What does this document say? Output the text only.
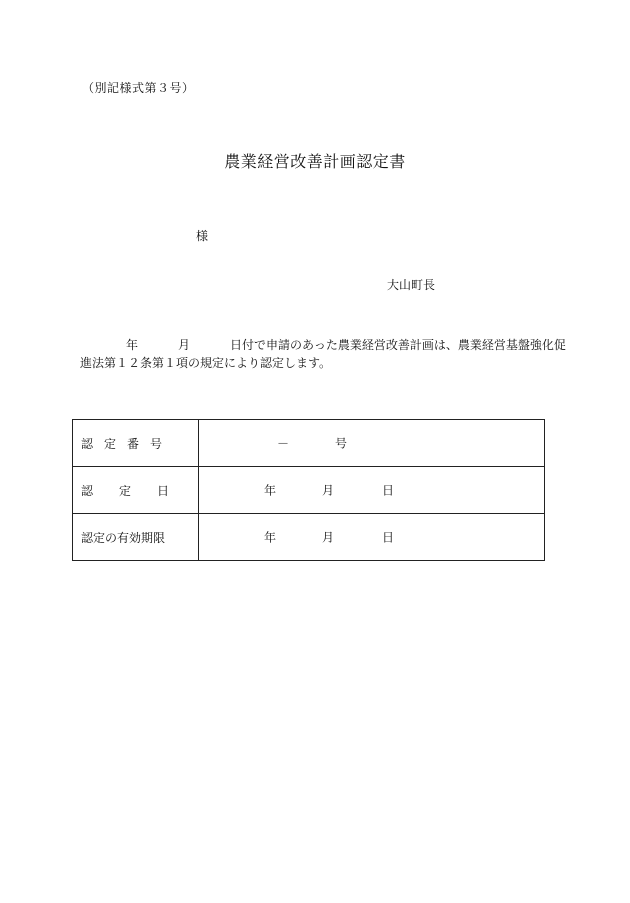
（別記様式第３号）
農業経営改善計画認定書
様
大山町長
年	月	日付で申請のあった農業経営改善計画は、農業経営基盤強化促
進法第１２条第１項の規定により認定します。
認定番号	－ 号

認定日	年 月 日

認定の有効期限	年 月 日
